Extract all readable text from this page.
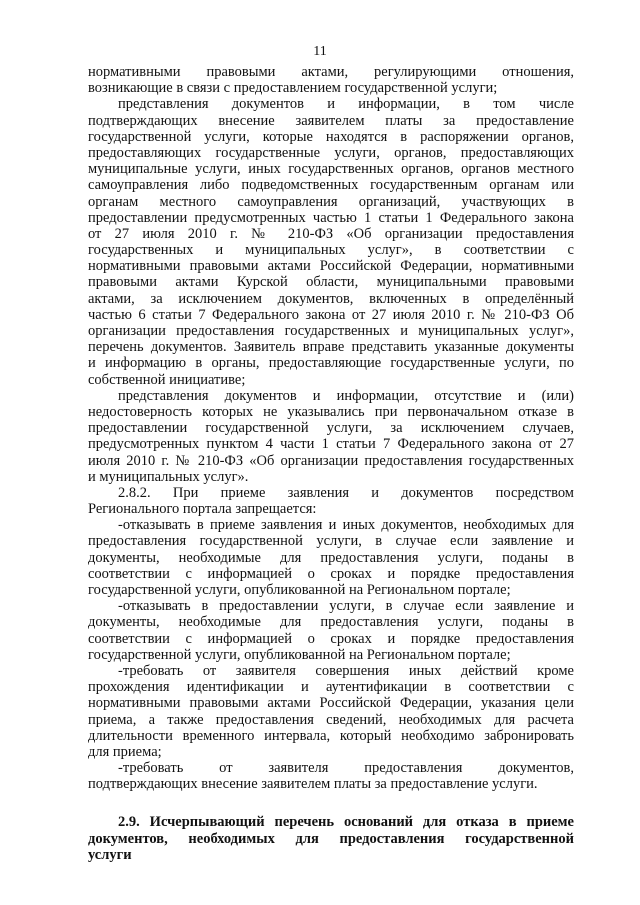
11
нормативными правовыми актами, регулирующими отношения,
возникающие в связи с предоставлением государственной услуги;
представления документов и информации, в том числе
подтверждающих внесение заявителем платы за предоставление
государственной услуги, которые находятся в распоряжении органов,
предоставляющих государственные услуги, органов, предоставляющих
муниципальные услуги, иных государственных органов, органов местного
самоуправления либо подведомственных государственным органам или
органам местного самоуправления организаций, участвующих в
предоставлении предусмотренных частью 1 статьи 1 Федерального закона
от 27 июля 2010 г. № 210-ФЗ «Об организации предоставления
государственных и муниципальных услуг», в соответствии с
нормативными правовыми актами Российской Федерации, нормативными
правовыми актами Курской области, муниципальными правовыми
актами, за исключением документов, включенных в определённый
частью 6 статьи 7 Федерального закона от 27 июля 2010 г. № 210-ФЗ Об
организации предоставления государственных и муниципальных услуг»,
перечень документов. Заявитель вправе представить указанные документы
и информацию в органы, предоставляющие государственные услуги, по
собственной инициативе;
представления документов и информации, отсутствие и (или)
недостоверность которых не указывались при первоначальном отказе в
предоставлении государственной услуги, за исключением случаев,
предусмотренных пунктом 4 части 1 статьи 7 Федерального закона от 27
июля 2010 г. № 210-ФЗ «Об организации предоставления государственных
и муниципальных услуг».
2.8.2. При приеме заявления и документов посредством
Регионального портала запрещается:
-отказывать в приеме заявления и иных документов, необходимых для
предоставления государственной услуги, в случае если заявление и
документы, необходимые для предоставления услуги, поданы в
соответствии с информацией о сроках и порядке предоставления
государственной услуги, опубликованной на Региональном портале;
-отказывать в предоставлении услуги, в случае если заявление и
документы, необходимые для предоставления услуги, поданы в
соответствии с информацией о сроках и порядке предоставления
государственной услуги, опубликованной на Региональном портале;
-требовать от заявителя совершения иных действий кроме
прохождения идентификации и аутентификации в соответствии с
нормативными правовыми актами Российской Федерации, указания цели
приема, а также предоставления сведений, необходимых для расчета
длительности временного интервала, который необходимо забронировать
для приема;
-требовать от заявителя предоставления документов,
подтверждающих внесение заявителем платы за предоставление услуги.
2.9. Исчерпывающий перечень оснований для отказа в приеме
документов, необходимых для предоставления государственной
услуги
